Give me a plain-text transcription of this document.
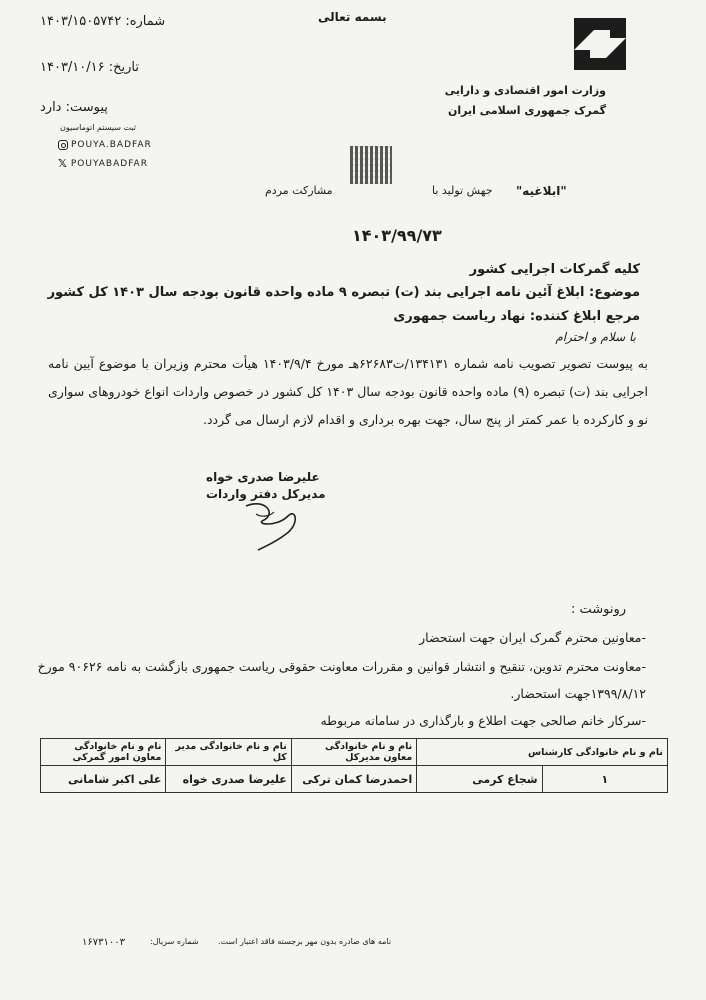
بسمه تعالی
وزارت امور اقتصادی و دارایی
گمرک جمهوری اسلامی ایران
شماره: ۱۴۰۳/۱۵۰۵۷۴۲
تاریخ: ۱۴۰۳/۱۰/۱۶
پیوست: دارد
ثبت سیستم اتوماسیون
POUYA.BADFAR
𝕏 POUYABADFAR
"ابلاغیه"
جهش تولید با
مشارکت مردم
۱۴۰۳/۹۹/۷۳
کلیه گمرکات اجرایی کشور
موضوع: ابلاغ آئین نامه اجرایی بند (ت) تبصره ۹ ماده واحده قانون بودجه سال ۱۴۰۳ کل کشور
مرجع ابلاغ کننده: نهاد ریاست جمهوری
با سلام و احترام
به پیوست تصویر تصویب نامه شماره ۱۳۴۱۳۱/ت۶۲۶۸۳هـ مورخ ۱۴۰۳/۹/۴ هیأت محترم وزیران با موضوع آیین نامه اجرایی بند (ت) تبصره (۹) ماده واحده قانون بودجه سال ۱۴۰۳ کل کشور در خصوص واردات انواع خودروهای سواری نو و کارکرده با عمر کمتر از پنج سال، جهت بهره برداری و اقدام لازم ارسال می گردد.
علیرضا صدری خواه
مدیرکل دفتر واردات
رونوشت :
-معاونین محترم گمرک ایران جهت استحضار
-معاونت محترم تدوین، تنقیح و انتشار قوانین و مقررات معاونت حقوقی ریاست جمهوری بازگشت به نامه ۹۰۶۲۶ مورخ
۱۳۹۹/۸/۱۲جهت استحضار.
-سرکار خانم صالحی جهت اطلاع و بارگذاری در سامانه مربوطه
نام و نام خانوادگی کارشناس		نام و نام خانوادگی معاون مدیرکل	نام و نام خانوادگی مدیر کل	نام و نام خانوادگی معاون امور گمرکی
۱	شجاع کرمی	احمدرضا کمان ترکی	علیرضا صدری خواه	علی اکبر شامانی
نامه های صادره بدون مهر برجسته فاقد اعتبار است.
شماره سریال:
۱۶۷۳۱۰۰۳
